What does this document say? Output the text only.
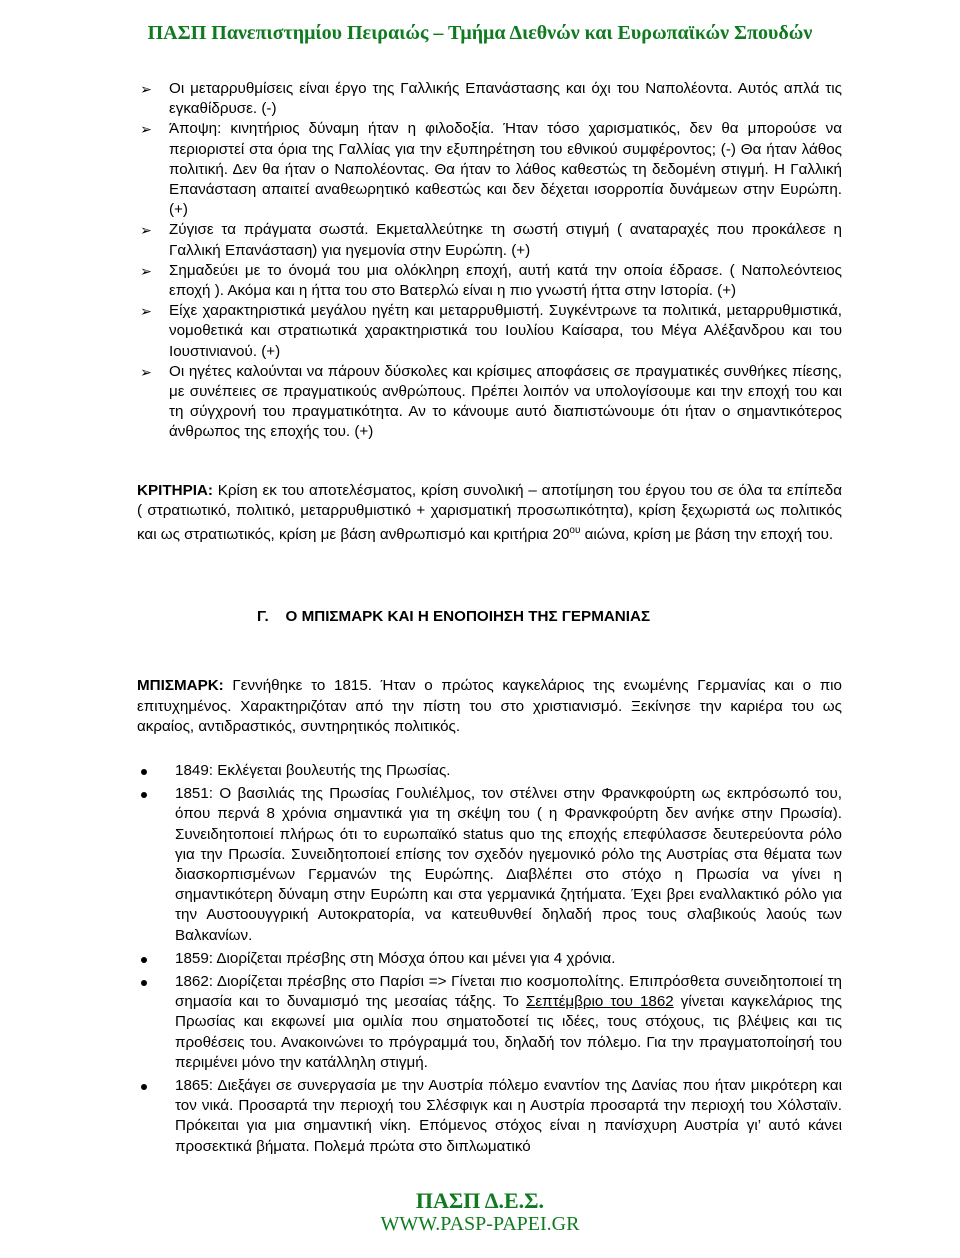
ΠΑΣΠ Πανεπιστημίου Πειραιώς – Τμήμα Διεθνών και Ευρωπαϊκών Σπουδών
➢ Οι μεταρρυθμίσεις είναι έργο της Γαλλικής Επανάστασης και όχι του Ναπολέοντα. Αυτός απλά τις εγκαθίδρυσε. (-)
➢ Άποψη: κινητήριος δύναμη ήταν η φιλοδοξία. Ήταν τόσο χαρισματικός, δεν θα μπορούσε να περιοριστεί στα όρια της Γαλλίας για την εξυπηρέτηση του εθνικού συμφέροντος; (-) Θα ήταν λάθος πολιτική. Δεν θα ήταν ο Ναπολέοντας. Θα ήταν το λάθος καθεστώς τη δεδομένη στιγμή. Η Γαλλική Επανάσταση απαιτεί αναθεωρητικό καθεστώς και δεν δέχεται ισορροπία δυνάμεων στην Ευρώπη. (+)
➢ Ζύγισε τα πράγματα σωστά. Εκμεταλλεύτηκε τη σωστή στιγμή ( αναταραχές που προκάλεσε η Γαλλική Επανάσταση) για ηγεμονία στην Ευρώπη. (+)
➢ Σημαδεύει με το όνομά του μια ολόκληρη εποχή, αυτή κατά την οποία έδρασε. ( Ναπολεόντειος εποχή ). Ακόμα και η ήττα του στο Βατερλώ είναι η πιο γνωστή ήττα στην Ιστορία. (+)
➢ Είχε χαρακτηριστικά μεγάλου ηγέτη και μεταρρυθμιστή. Συγκέντρωνε τα πολιτικά, μεταρρυθμιστικά, νομοθετικά και στρατιωτικά χαρακτηριστικά του Ιουλίου Καίσαρα, του Μέγα Αλέξανδρου και του Ιουστινιανού. (+)
➢ Οι ηγέτες καλούνται να πάρουν δύσκολες και κρίσιμες αποφάσεις σε πραγματικές συνθήκες πίεσης, με συνέπειες σε πραγματικούς ανθρώπους. Πρέπει λοιπόν να υπολογίσουμε και την εποχή του και τη σύγχρονή του πραγματικότητα. Αν το κάνουμε αυτό διαπιστώνουμε ότι ήταν ο σημαντικότερος άνθρωπος της εποχής του. (+)
ΚΡΙΤΗΡΙΑ: Κρίση εκ του αποτελέσματος, κρίση συνολική – αποτίμηση του έργου του σε όλα τα επίπεδα ( στρατιωτικό, πολιτικό, μεταρρυθμιστικό + χαρισματική προσωπικότητα), κρίση ξεχωριστά ως πολιτικός και ως στρατιωτικός, κρίση με βάση ανθρωπισμό και κριτήρια $20^{o\upsilon}$ αιώνα, κρίση με βάση την εποχή του.
Γ.    Ο ΜΠΙΣΜΑΡΚ ΚΑΙ Η ΕΝΟΠΟΙΗΣΗ ΤΗΣ ΓΕΡΜΑΝΙΑΣ
ΜΠΙΣΜΑΡΚ: Γεννήθηκε το 1815. Ήταν ο πρώτος καγκελάριος της ενωμένης Γερμανίας και ο πιο επιτυχημένος. Χαρακτηριζόταν από την πίστη του στο χριστιανισμό. Ξεκίνησε την καριέρα του ως ακραίος, αντιδραστικός, συντηρητικός πολιτικός.
1849: Εκλέγεται βουλευτής της Πρωσίας.
1851: Ο βασιλιάς της Πρωσίας Γουλιέλμος, τον στέλνει στην Φρανκφούρτη ως εκπρόσωπό του, όπου περνά 8 χρόνια σημαντικά για τη σκέψη του ( η Φρανκφούρτη δεν ανήκε στην Πρωσία). Συνειδητοποιεί πλήρως ότι το ευρωπαϊκό status quo της εποχής επεφύλασσε δευτερεύοντα ρόλο για την Πρωσία. Συνειδητοποιεί επίσης τον σχεδόν ηγεμονικό ρόλο της Αυστρίας στα θέματα των διασκορπισμένων Γερμανών της Ευρώπης. Διαβλέπει στο στόχο η Πρωσία να γίνει η σημαντικότερη δύναμη στην Ευρώπη και στα γερμανικά ζητήματα. Έχει βρει εναλλακτικό ρόλο για την Αυστοουγγρική Αυτοκρατορία, να κατευθυνθεί δηλαδή προς τους σλαβικούς λαούς των Βαλκανίων.
1859: Διορίζεται πρέσβης στη Μόσχα όπου και μένει για 4 χρόνια.
1862: Διορίζεται πρέσβης στο Παρίσι => Γίνεται πιο κοσμοπολίτης. Επιπρόσθετα συνειδητοποιεί τη σημασία και το δυναμισμό της μεσαίας τάξης. Το Σεπτέμβριο του 1862 γίνεται καγκελάριος της Πρωσίας και εκφωνεί μια ομιλία που σηματοδοτεί τις ιδέες, τους στόχους, τις βλέψεις και τις προθέσεις του. Ανακοινώνει το πρόγραμμά του, δηλαδή τον πόλεμο. Για την πραγματοποίησή του περιμένει μόνο την κατάλληλη στιγμή.
1865: Διεξάγει σε συνεργασία με την Αυστρία πόλεμο εναντίον της Δανίας που ήταν μικρότερη και τον νικά. Προσαρτά την περιοχή του Σλέσφιγκ και η Αυστρία προσαρτά την περιοχή του Χόλσταϊν. Πρόκειται για μια σημαντική νίκη. Επόμενος στόχος είναι η πανίσχυρη Αυστρία γι’ αυτό κάνει προσεκτικά βήματα. Πολεμά πρώτα στο διπλωματικό
ΠΑΣΠ Δ.Ε.Σ.
WWW.PASP-PAPEI.GR
